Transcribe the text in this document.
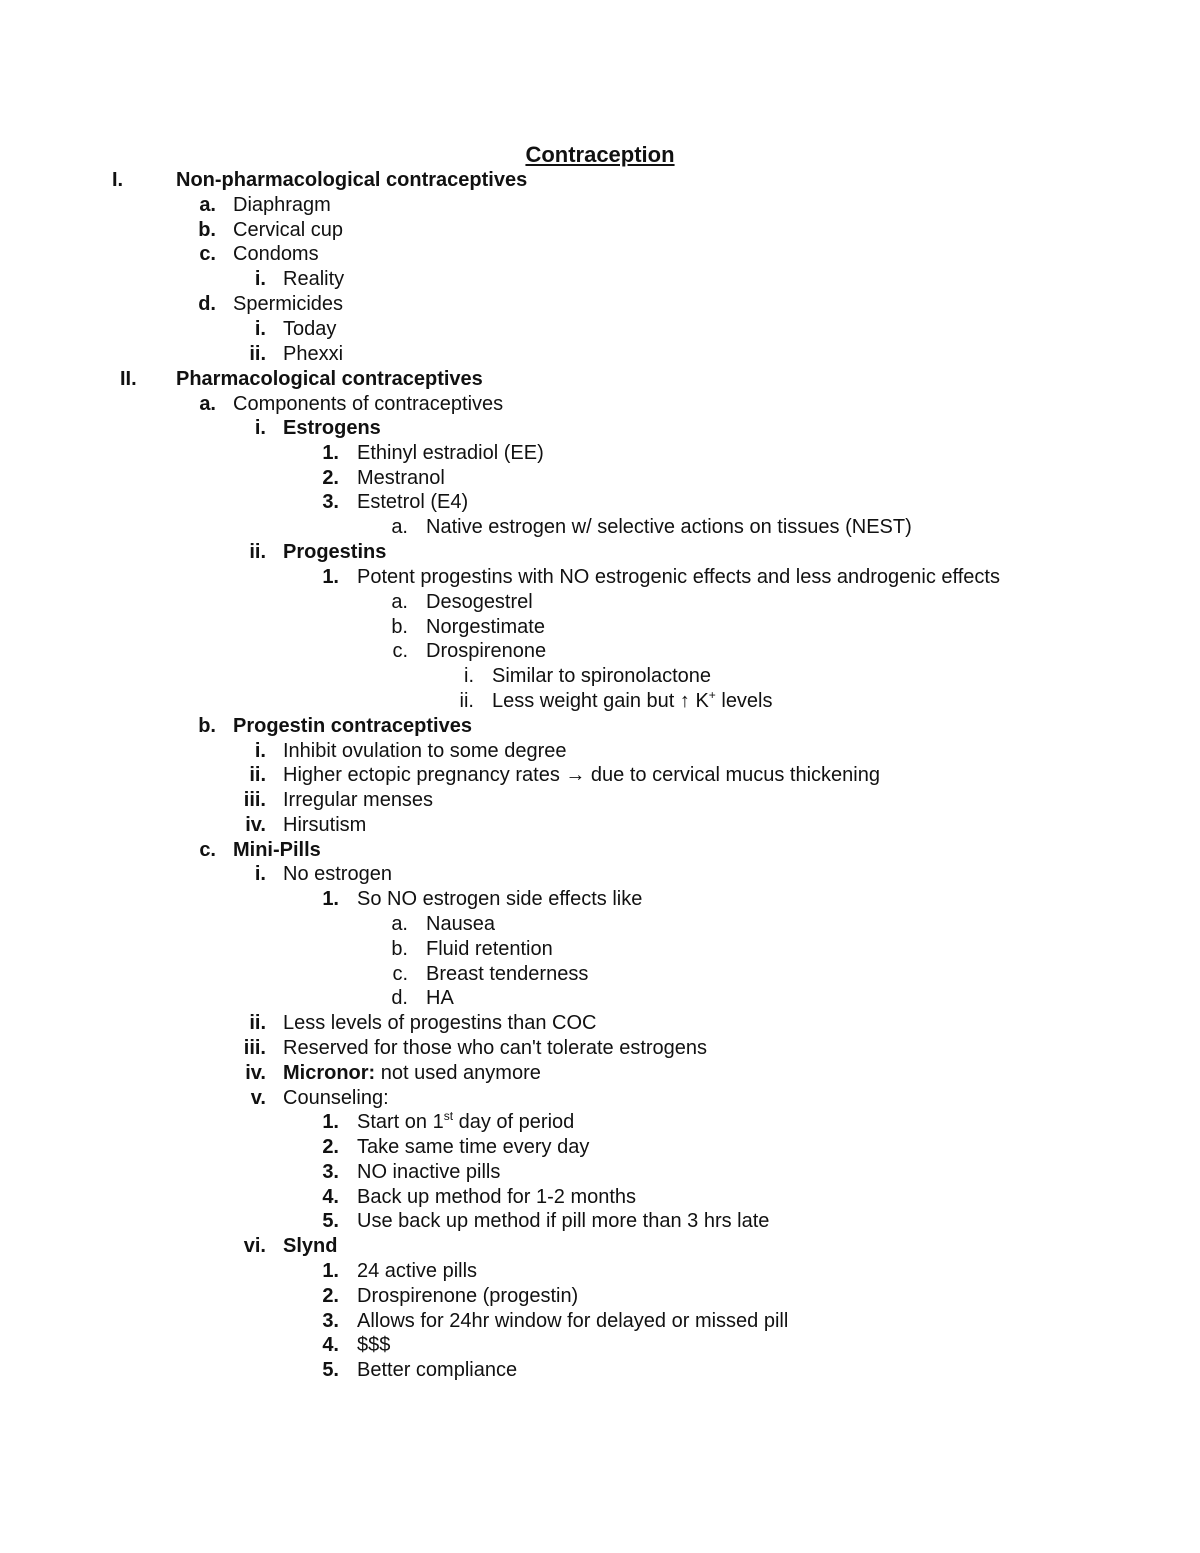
Contraception
I.	Non-pharmacological contraceptives
a. Diaphragm
b. Cervical cup
c. Condoms
i. Reality
d. Spermicides
i. Today
ii. Phexxi
II.	Pharmacological contraceptives
a. Components of contraceptives
i. Estrogens
1. Ethinyl estradiol (EE)
2. Mestranol
3. Estetrol (E4)
a. Native estrogen w/ selective actions on tissues (NEST)
ii. Progestins
1. Potent progestins with NO estrogenic effects and less androgenic effects
a. Desogestrel
b. Norgestimate
c. Drospirenone
i. Similar to spironolactone
ii. Less weight gain but ↑ K+ levels
b. Progestin contraceptives
i. Inhibit ovulation to some degree
ii. Higher ectopic pregnancy rates → due to cervical mucus thickening
iii. Irregular menses
iv. Hirsutism
c. Mini-Pills
i. No estrogen
1. So NO estrogen side effects like
a. Nausea
b. Fluid retention
c. Breast tenderness
d. HA
ii. Less levels of progestins than COC
iii. Reserved for those who can't tolerate estrogens
iv. Micronor: not used anymore
v. Counseling:
1. Start on 1st day of period
2. Take same time every day
3. NO inactive pills
4. Back up method for 1-2 months
5. Use back up method if pill more than 3 hrs late
vi. Slynd
1. 24 active pills
2. Drospirenone (progestin)
3. Allows for 24hr window for delayed or missed pill
4. $$$
5. Better compliance
